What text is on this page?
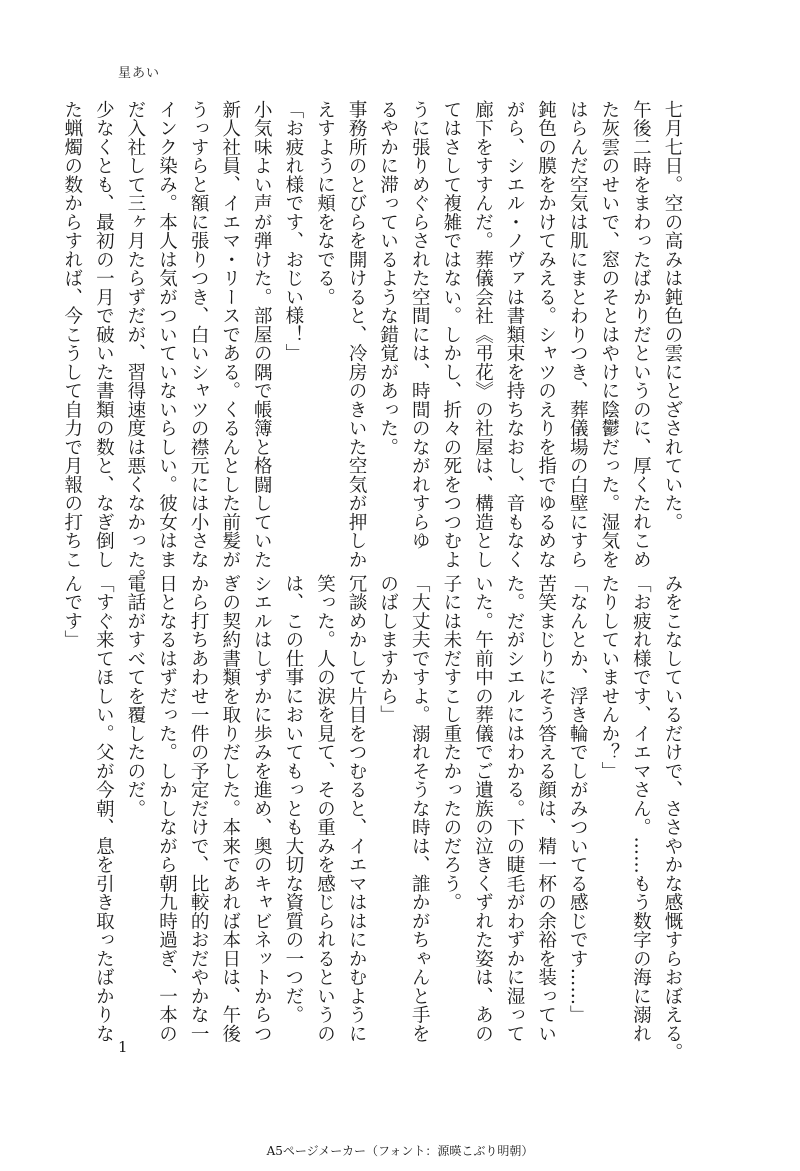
星あい

七月七日。空の高みは鈍色の雲にとざされていた。
午後二時をまわったばかりだというのに、厚くたれこめ
た灰雲のせいで、窓のそとはやけに陰鬱だった。湿気を
はらんだ空気は肌にまとわりつき、葬儀場の白壁にすら
鈍色の膜をかけてみえる。シャツのえりを指でゆるめな
がら、シエル・ノヴァは書類束を持ちなおし、音もなく
廊下をすすんだ。葬儀会社《弔花》の社屋は、構造とし
てはさして複雑ではない。しかし、折々の死をつつむよ
うに張りめぐらされた空間には、時間のながれすらゆ
るやかに滞っているような錯覚があった。
事務所のとびらを開けると、冷房のきいた空気が押しか
えすように頬をなでる。
「お疲れ様です、おじい様！」
小気味よい声が弾けた。部屋の隅で帳簿と格闘していた
新人社員、イエマ・リースである。くるんとした前髪が
うっすらと額に張りつき、白いシャツの襟元には小さな
インク染み。本人は気がついていないらしい。彼女はま
だ入社して三ヶ月たらずだが、習得速度は悪くなかった。
少なくとも、最初の一月で破いた書類の数と、なぎ倒し
た蝋燭の数からすれば、今こうして自力で月報の打ちこ
みをこなしているだけで、ささやかな感慨すらおぼえる。
「お疲れ様です、イエマさん。……もう数字の海に溺れ
たりしていませんか？」
「なんとか、浮き輪でしがみついてる感じです……」
苦笑まじりにそう答える顔は、精一杯の余裕を装ってい
た。だがシエルにはわかる。下の睫毛がわずかに湿って
いた。午前中の葬儀でご遺族の泣きくずれた姿は、あの
子には未だすこし重たかったのだろう。
「大丈夫ですよ。溺れそうな時は、誰かがちゃんと手を
のばしますから」
冗談めかして片目をつむると、イエマははにかむように
笑った。人の涙を見て、その重みを感じられるというの
は、この仕事においてもっとも大切な資質の一つだ。
シエルはしずかに歩みを進め、奥のキャビネットからつ
ぎの契約書類を取りだした。本来であれば本日は、午後
から打ちあわせ一件の予定だけで、比較的おだやかな一
日となるはずだった。しかしながら朝九時過ぎ、一本の
電話がすべてを覆したのだ。
「すぐ来てほしい。父が今朝、息を引き取ったばかりな
んです」

1

A5ページメーカー（フォント：源暎こぶり明朝）
